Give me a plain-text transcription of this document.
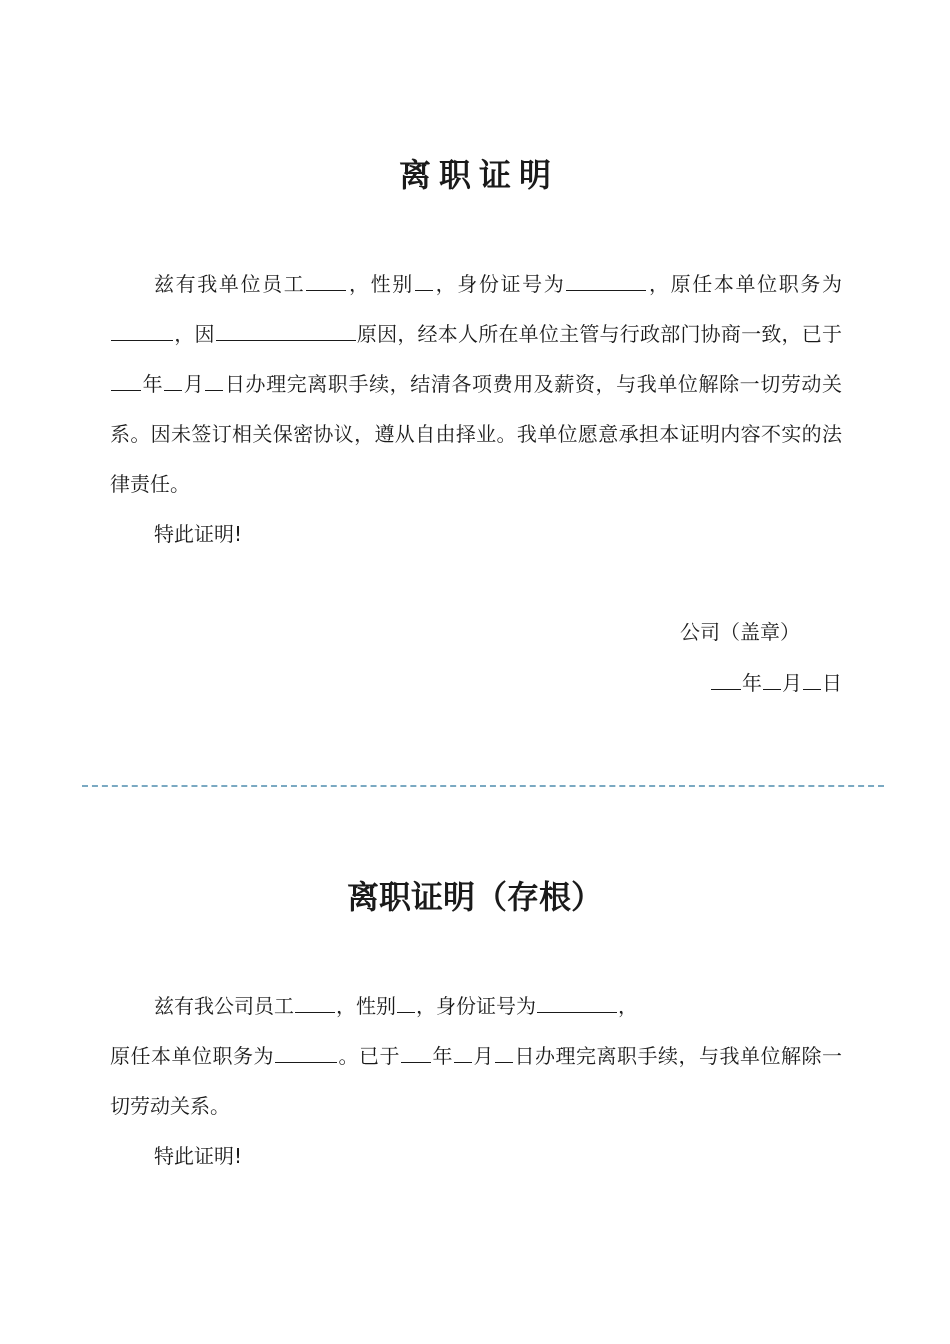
离职证明

兹有我单位员工 ，性别 ，身份证号为	，原任本单位职务为，因	原因，经本人所在单位主管与行政部门协商一致，已于年 月 日办理完离职手续，结清各项费用及薪资，与我单位解除一切劳动关系。因未签订相关保密协议，遵从自由择业。我单位愿意承担本证明内容不实的法律责任。

特此证明!

公司（盖章）

年 月 日

离职证明（存根）

兹有我公司员工 ，性别 ，身份证号为	，

原任本单位职务为	。已于 年 月 日办理完离职手续，与我单位解除一切劳动关系。

特此证明!
